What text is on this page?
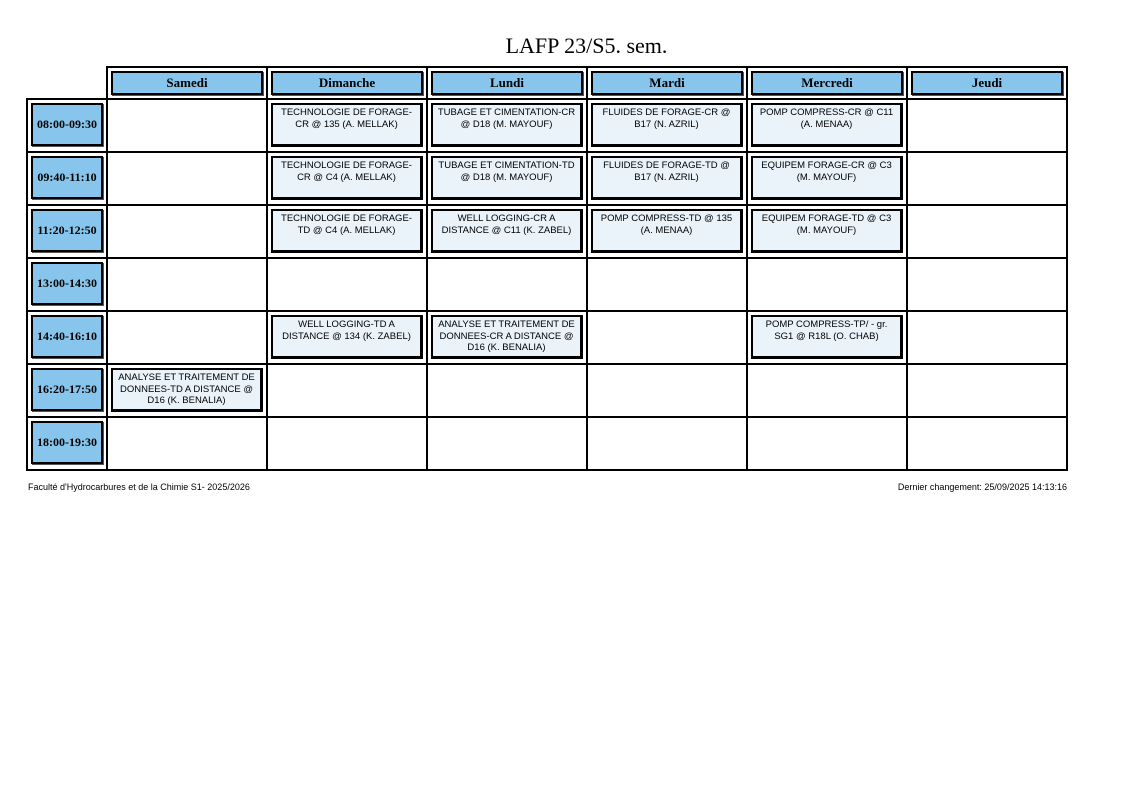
LAFP 23/S5. sem.

	Samedi	Dimanche	Lundi	Mardi	Mercredi	Jeudi

08:00-09:30		TECHNOLOGIE DE FORAGE-CR @ 135 (A. MELLAK)	TUBAGE ET CIMENTATION-CR @ D18 (M. MAYOUF)	FLUIDES DE FORAGE-CR @ B17 (N. AZRIL)	POMP COMPRESS-CR @ C11 (A. MENAA)	

09:40-11:10		TECHNOLOGIE DE FORAGE-CR @ C4 (A. MELLAK)	TUBAGE ET CIMENTATION-TD @ D18 (M. MAYOUF)	FLUIDES DE FORAGE-TD @ B17 (N. AZRIL)	EQUIPEM FORAGE-CR @ C3 (M. MAYOUF)	

11:20-12:50		TECHNOLOGIE DE FORAGE-TD @ C4 (A. MELLAK)	WELL LOGGING-CR A DISTANCE @ C11 (K. ZABEL)	POMP COMPRESS-TD @ 135 (A. MENAA)	EQUIPEM FORAGE-TD @ C3 (M. MAYOUF)	

13:00-14:30						

14:40-16:10		WELL LOGGING-TD A DISTANCE @ 134 (K. ZABEL)	ANALYSE ET TRAITEMENT DE DONNEES-CR A DISTANCE @ D16 (K. BENALIA)		POMP COMPRESS-TP/ - gr. SG1 @ R18L (O. CHAB)	

16:20-17:50	ANALYSE ET TRAITEMENT DE DONNEES-TD A DISTANCE @ D16 (K. BENALIA)					

18:00-19:30						

Faculté d'Hydrocarbures et de la Chimie S1- 2025/2026	Dernier changement: 25/09/2025 14:13:16
